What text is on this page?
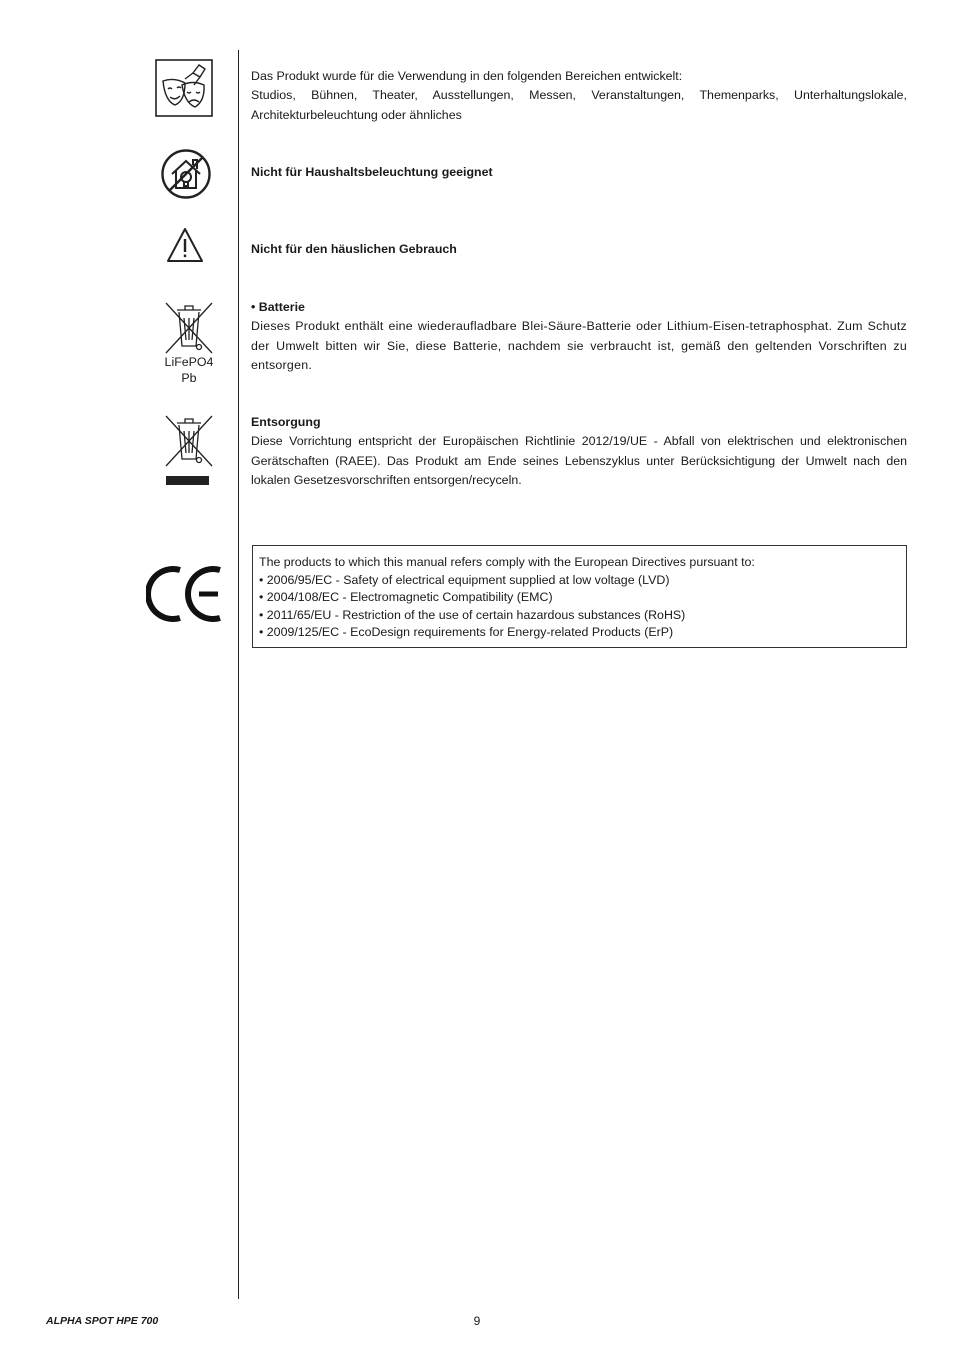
LiFePO4
Pb
Das Produkt wurde für die Verwendung in den folgenden Bereichen entwickelt:
Studios, Bühnen, Theater, Ausstellungen, Messen, Veranstaltungen, Themenparks, Unterhaltungslokale, Architekturbeleuchtung oder ähnliches
Nicht für Haushaltsbeleuchtung geeignet
Nicht für den häuslichen Gebrauch
• Batterie
Dieses Produkt enthält eine wiederaufladbare Blei-Säure-Batterie oder Lithium-Eisen-tetraphosphat. Zum Schutz der Umwelt bitten wir Sie, diese Batterie, nachdem sie verbraucht ist, gemäß den geltenden Vorschriften zu entsorgen.
Entsorgung
Diese Vorrichtung entspricht der Europäischen Richtlinie 2012/19/UE - Abfall von elektrischen und elektronischen Gerätschaften (RAEE). Das Produkt am Ende seines Lebenszyklus unter Berücksichtigung der Umwelt nach den lokalen Gesetzesvorschriften entsorgen/recyceln.
The products to which this manual refers comply with the European Directives pursuant to:
• 2006/95/EC - Safety of electrical equipment supplied at low voltage (LVD)
• 2004/108/EC - Electromagnetic Compatibility (EMC)
• 2011/65/EU - Restriction of the use of certain hazardous substances (RoHS)
• 2009/125/EC - EcoDesign requirements for Energy-related Products (ErP)
ALPHA SPOT HPE 700	9
